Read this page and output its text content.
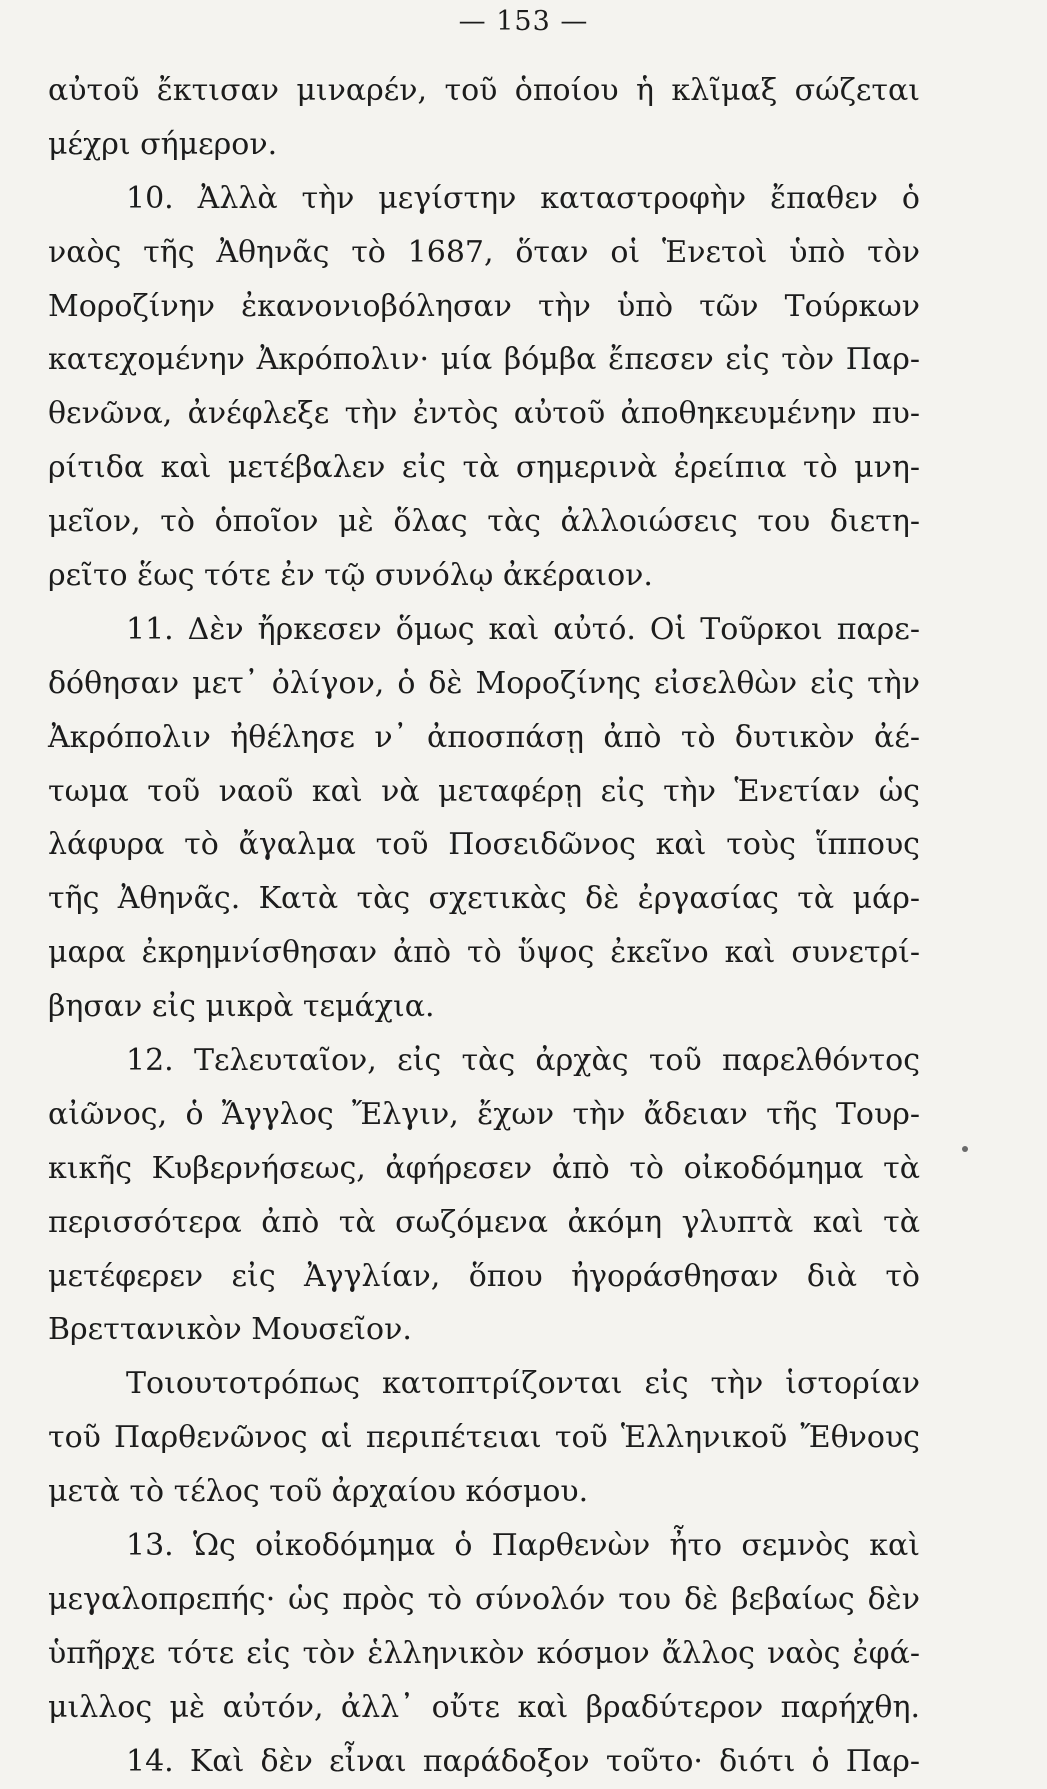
— 153 —
αὐτοῦ ἔκτισαν μιναρέν, τοῦ ὁποίου ἡ κλῖμαξ σώζεται
μέχρι σήμερον.
10. Ἀλλὰ τὴν μεγίστην καταστροφὴν ἔπαθεν ὁ
ναὸς τῆς Ἀθηνᾶς τὸ 1687, ὅταν οἱ Ἑνετοὶ ὑπὸ τὸν
Μοροζίνην ἐκανονιοβόλησαν τὴν ὑπὸ τῶν Τούρκων
κατεχομένην Ἀκρόπολιν· μία βόμβα ἔπεσεν εἰς τὸν Παρ-
θενῶνα, ἀνέφλεξε τὴν ἐντὸς αὐτοῦ ἀποθηκευμένην πυ-
ρίτιδα καὶ μετέβαλεν εἰς τὰ σημερινὰ ἐρείπια τὸ μνη-
μεῖον, τὸ ὁποῖον μὲ ὅλας τὰς ἀλλοιώσεις του διετη-
ρεῖτο ἕως τότε ἐν τῷ συνόλῳ ἀκέραιον.
11. Δὲν ἤρκεσεν ὅμως καὶ αὐτό. Οἱ Τοῦρκοι παρε-
δόθησαν μετ᾽ ὀλίγον, ὁ δὲ Μοροζίνης εἰσελθὼν εἰς τὴν
Ἀκρόπολιν ἠθέλησε ν᾽ ἀποσπάσῃ ἀπὸ τὸ δυτικὸν ἀέ-
τωμα τοῦ ναοῦ καὶ νὰ μεταφέρῃ εἰς τὴν Ἑνετίαν ὡς
λάφυρα τὸ ἄγαλμα τοῦ Ποσειδῶνος καὶ τοὺς ἵππους
τῆς Ἀθηνᾶς. Κατὰ τὰς σχετικὰς δὲ ἐργασίας τὰ μάρ-
μαρα ἐκρημνίσθησαν ἀπὸ τὸ ὕψος ἐκεῖνο καὶ συνετρί-
βησαν εἰς μικρὰ τεμάχια.
12. Τελευταῖον, εἰς τὰς ἀρχὰς τοῦ παρελθόντος
αἰῶνος, ὁ Ἄγγλος Ἔλγιν, ἔχων τὴν ἄδειαν τῆς Τουρ-
κικῆς Κυβερνήσεως, ἀφήρεσεν ἀπὸ τὸ οἰκοδόμημα τὰ
περισσότερα ἀπὸ τὰ σωζόμενα ἀκόμη γλυπτὰ καὶ τὰ
μετέφερεν εἰς Ἀγγλίαν, ὅπου ἠγοράσθησαν διὰ τὸ
Βρεττανικὸν Μουσεῖον.
Τοιουτοτρόπως κατοπτρίζονται εἰς τὴν ἱστορίαν
τοῦ Παρθενῶνος αἱ περιπέτειαι τοῦ Ἑλληνικοῦ Ἔθνους
μετὰ τὸ τέλος τοῦ ἀρχαίου κόσμου.
13. Ὡς οἰκοδόμημα ὁ Παρθενὼν ἦτο σεμνὸς καὶ
μεγαλοπρεπής· ὡς πρὸς τὸ σύνολόν του δὲ βεβαίως δὲν
ὑπῆρχε τότε εἰς τὸν ἑλληνικὸν κόσμον ἄλλος ναὸς ἐφά-
μιλλος μὲ αὐτόν, ἀλλ᾽ οὔτε καὶ βραδύτερον παρήχθη.
14. Καὶ δὲν εἶναι παράδοξον τοῦτο· διότι ὁ Παρ-
